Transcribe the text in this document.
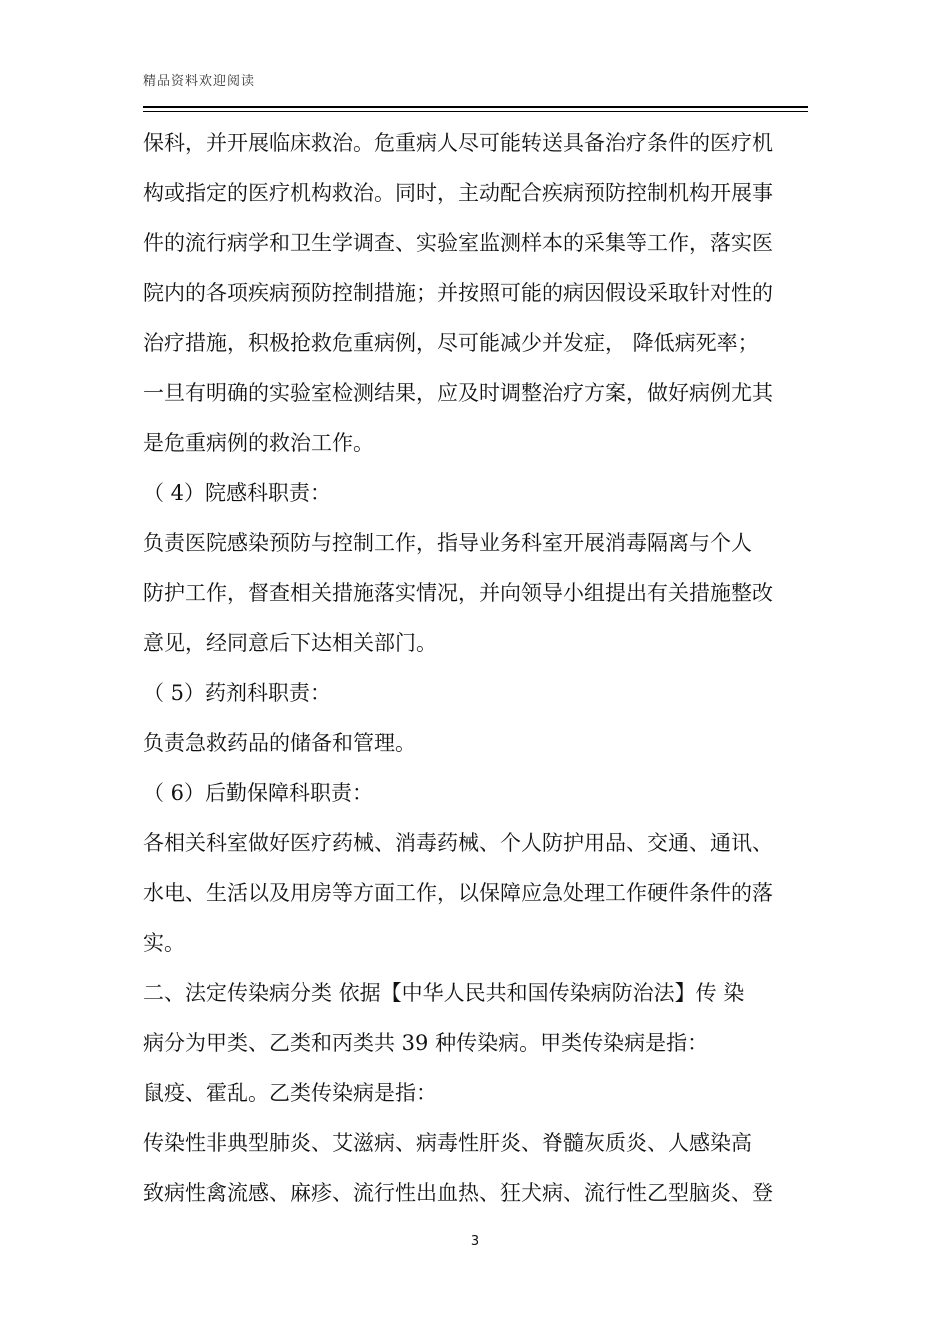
精品资料欢迎阅读
保科，并开展临床救治。危重病人尽可能转送具备治疗条件的医疗机
构或指定的医疗机构救治。同时，主动配合疾病预防控制机构开展事
件的流行病学和卫生学调查、实验室监测样本的采集等工作，落实医
院内的各项疾病预防控制措施；并按照可能的病因假设采取针对性的
治疗措施，积极抢救危重病例，尽可能减少并发症， 降低病死率；
一旦有明确的实验室检测结果，应及时调整治疗方案，做好病例尤其
是危重病例的救治工作。
（ 4）院感科职责：
负责医院感染预防与控制工作，指导业务科室开展消毒隔离与个人
防护工作，督查相关措施落实情况，并向领导小组提出有关措施整改
意见，经同意后下达相关部门。
（ 5）药剂科职责：
负责急救药品的储备和管理。
（ 6）后勤保障科职责：
各相关科室做好医疗药械、消毒药械、个人防护用品、交通、通讯、
水电、生活以及用房等方面工作，以保障应急处理工作硬件条件的落
实。
二、法定传染病分类 依据【中华人民共和国传染病防治法】传 染
病分为甲类、乙类和丙类共 39 种传染病。甲类传染病是指：
鼠疫、霍乱。乙类传染病是指：
传染性非典型肺炎、艾滋病、病毒性肝炎、脊髓灰质炎、人感染高
致病性禽流感、麻疹、流行性出血热、狂犬病、流行性乙型脑炎、登
3
